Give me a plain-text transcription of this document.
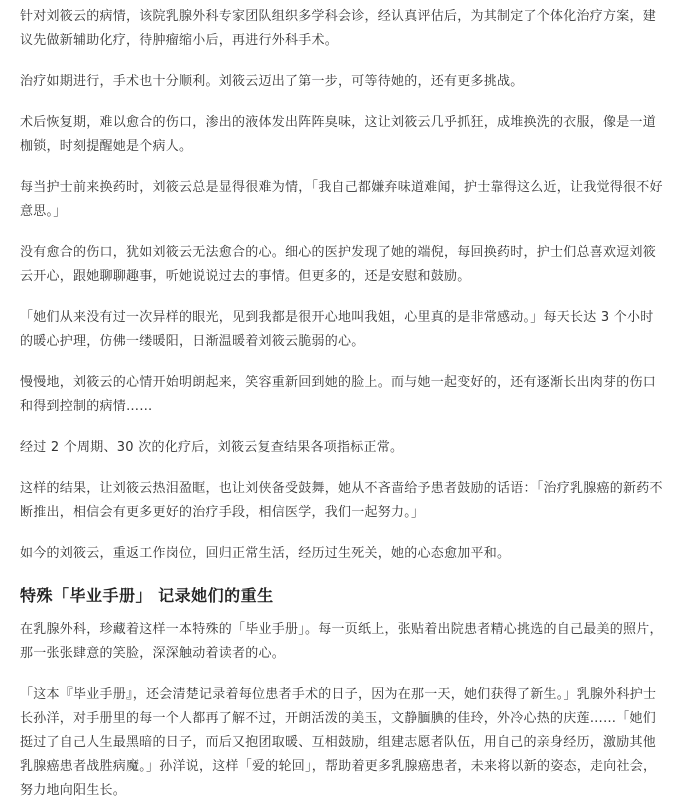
针对刘筱云的病情，该院乳腺外科专家团队组织多学科会诊，经认真评估后，为其制定了个体化治疗方案，建议先做新辅助化疗，待肿瘤缩小后，再进行外科手术。

治疗如期进行，手术也十分顺利。刘筱云迈出了第一步，可等待她的，还有更多挑战。

术后恢复期，难以愈合的伤口，渗出的液体发出阵阵臭味，这让刘筱云几乎抓狂，成堆换洗的衣服，像是一道枷锁，时刻提醒她是个病人。

每当护士前来换药时，刘筱云总是显得很难为情，「我自己都嫌弃味道难闻，护士靠得这么近，让我觉得很不好意思。」

没有愈合的伤口，犹如刘筱云无法愈合的心。细心的医护发现了她的端倪，每回换药时，护士们总喜欢逗刘筱云开心，跟她聊聊趣事，听她说说过去的事情。但更多的，还是安慰和鼓励。

「她们从来没有过一次异样的眼光，见到我都是很开心地叫我姐，心里真的是非常感动。」每天长达 3 个小时的暖心护理，仿佛一缕暖阳，日渐温暖着刘筱云脆弱的心。

慢慢地，刘筱云的心情开始明朗起来，笑容重新回到她的脸上。而与她一起变好的，还有逐渐长出肉芽的伤口和得到控制的病情……

经过 2 个周期、30 次的化疗后，刘筱云复查结果各项指标正常。

这样的结果，让刘筱云热泪盈眶，也让刘侠备受鼓舞，她从不吝啬给予患者鼓励的话语：「治疗乳腺癌的新药不断推出，相信会有更多更好的治疗手段，相信医学，我们一起努力。」

如今的刘筱云，重返工作岗位，回归正常生活，经历过生死关，她的心态愈加平和。

特殊「毕业手册」 记录她们的重生

在乳腺外科，珍藏着这样一本特殊的「毕业手册」。每一页纸上，张贴着出院患者精心挑选的自己最美的照片，那一张张肆意的笑脸，深深触动着读者的心。

「这本『毕业手册』，还会清楚记录着每位患者手术的日子，因为在那一天，她们获得了新生。」乳腺外科护士长孙洋，对手册里的每一个人都再了解不过，开朗活泼的美玉，文静腼腆的佳玲，外冷心热的庆莲……「她们挺过了自己人生最黑暗的日子，而后又抱团取暖、互相鼓励，组建志愿者队伍，用自己的亲身经历，激励其他乳腺癌患者战胜病魔。」孙洋说，这样「爱的轮回」，帮助着更多乳腺癌患者，未来将以新的姿态，走向社会，努力地向阳生长。
